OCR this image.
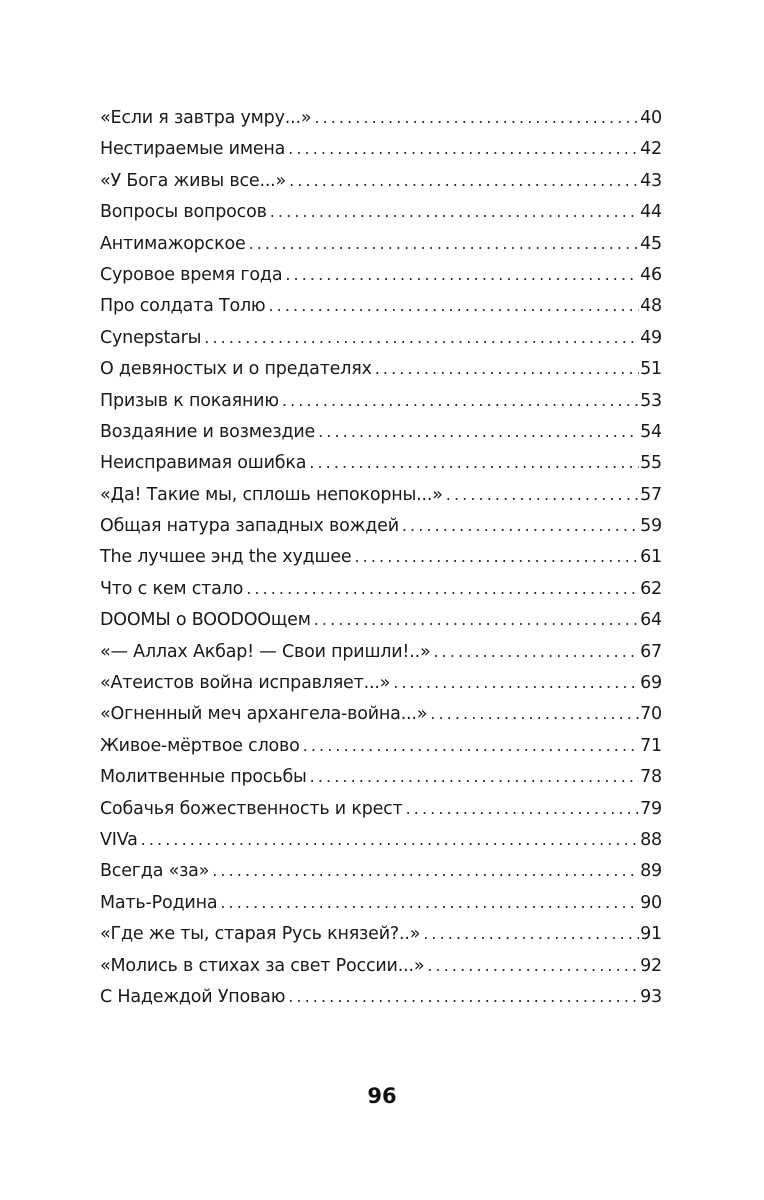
«Если я завтра умру...» .....	40
Нестираемые имена .....	42
«У Бога живы все...» .....	43
Вопросы вопросов .....	44
Антимажорское .....	45
Суровое время года .....	46
Про солдата Толю .....	48
Cynepstarы .....	49
О девяностых и о предателях .....	51
Призыв к покаянию .....	53
Воздаяние и возмездие .....	54
Неисправимая ошибка .....	55
«Да! Такие мы, сплошь непокорны...» .....	57
Общая натура западных вождей .....	59
The лучшее энд the худшее .....	61
Что с кем стало .....	62
DOOMЫ о BOODOOщем .....	64
«— Аллах Акбар! — Свои пришли!..» .....	67
«Атеистов война исправляет...» .....	69
«Огненный меч архангела-война...» .....	70
Живое-мёртвое слово .....	71
Молитвенные просьбы .....	78
Собачья божественность и крест .....	79
VIVa .....	88
Всегда «за» .....	89
Мать-Родина .....	90
«Где же ты, старая Русь князей?..» .....	91
«Молись в стихах за свет России...» .....	92
С Надеждой Уповаю .....	93
96
